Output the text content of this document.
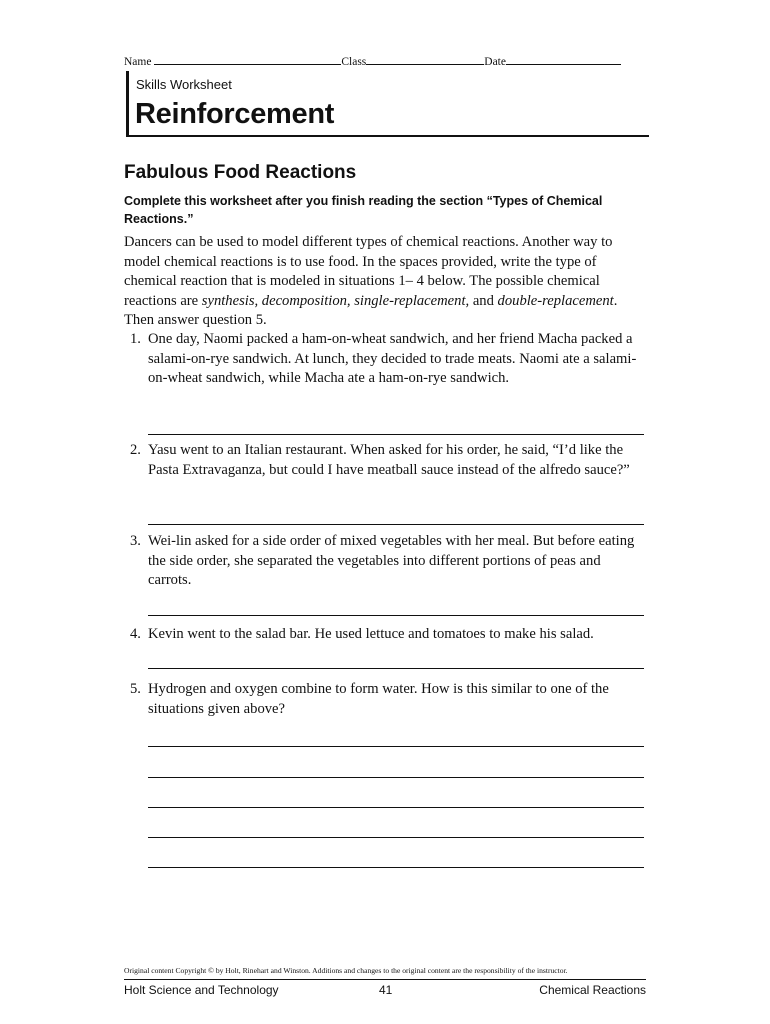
Name	Class	Date
Skills Worksheet
Reinforcement
Fabulous Food Reactions
Complete this worksheet after you finish reading the section “Types of Chemical Reactions.”
Dancers can be used to model different types of chemical reactions. Another way to model chemical reactions is to use food. In the spaces provided, write the type of chemical reaction that is modeled in situations 1– 4 below. The possible chemical reactions are synthesis, decomposition, single-replacement, and double-replacement. Then answer question 5.
1. One day, Naomi packed a ham-on-wheat sandwich, and her friend Macha packed a salami-on-rye sandwich. At lunch, they decided to trade meats. Naomi ate a salami-on-wheat sandwich, while Macha ate a ham-on-rye sandwich.
2. Yasu went to an Italian restaurant. When asked for his order, he said, “I’d like the Pasta Extravaganza, but could I have meatball sauce instead of the alfredo sauce?”
3. Wei-lin asked for a side order of mixed vegetables with her meal. But before eating the side order, she separated the vegetables into different portions of peas and carrots.
4. Kevin went to the salad bar. He used lettuce and tomatoes to make his salad.
5. Hydrogen and oxygen combine to form water. How is this similar to one of the situations given above?
Original content Copyright © by Holt, Rinehart and Winston. Additions and changes to the original content are the responsibility of the instructor.
Holt Science and Technology	41	Chemical Reactions
